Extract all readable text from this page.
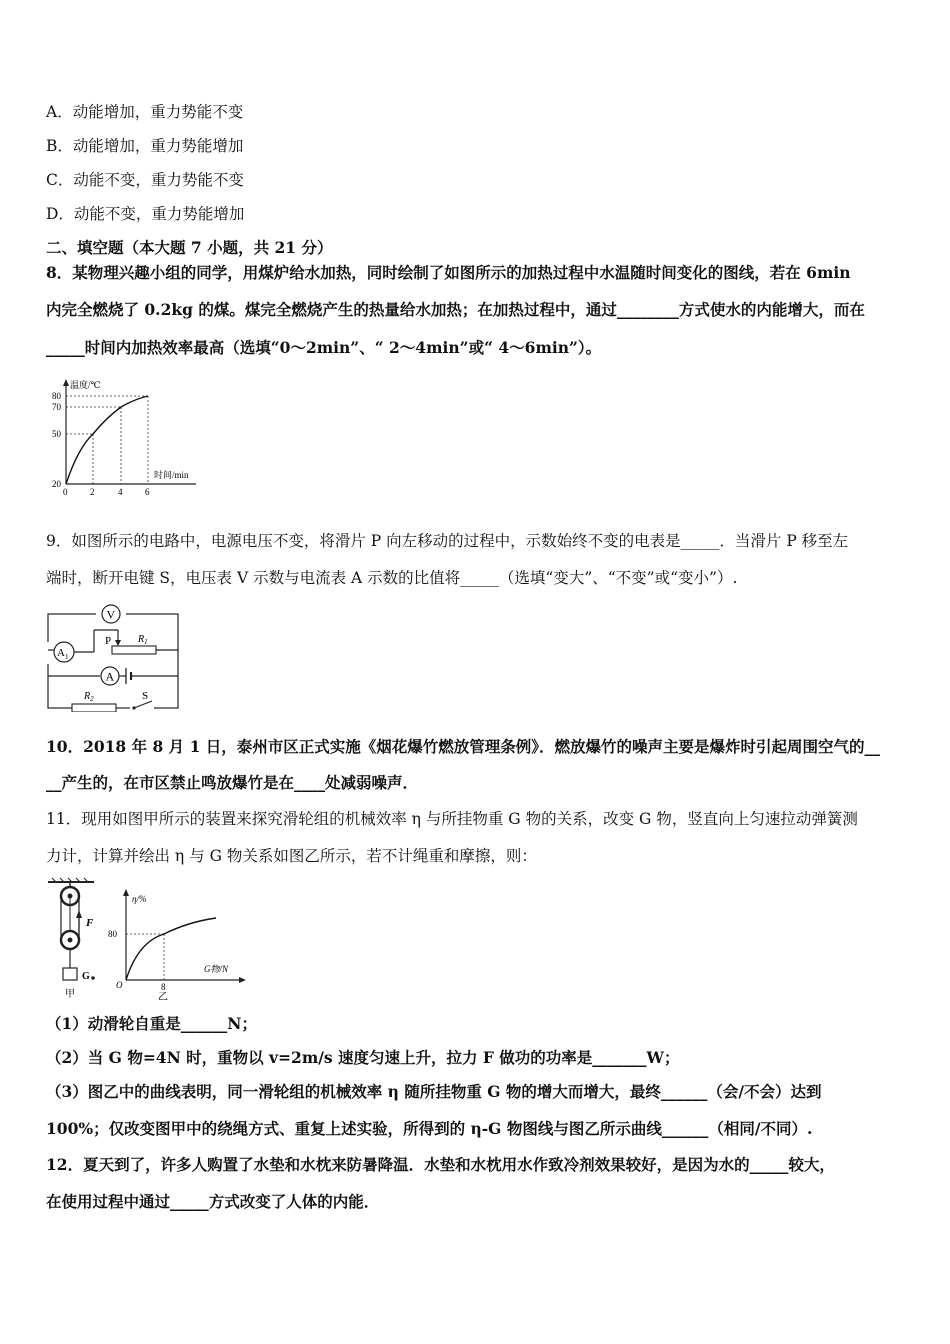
A．动能增加，重力势能不变
B．动能增加，重力势能增加
C．动能不变，重力势能不变
D．动能不变，重力势能增加
二、填空题（本大题 7 小题，共 21 分）
8．某物理兴趣小组的同学，用煤炉给水加热，同时绘制了如图所示的加热过程中水温随时间变化的图线，若在 6min
内完全燃烧了 0.2kg 的煤。煤完全燃烧产生的热量给水加热；在加热过程中，通过________方式使水的内能增大，而在
_____时间内加热效率最高（选填“0～2min”、“ 2～4min”或“ 4～6min”）。
温度/℃
时间/min
80
70
50
20
0	2	4	6
9．如图所示的电路中，电源电压不变，将滑片 P 向左移动的过程中，示数始终不变的电表是_____．当滑片 P 移至左
端时，断开电键 S，电压表 V 示数与电流表 A 示数的比值将_____（选填“变大”、“不变”或“变小”）.
V
$A_1$
P	$R_1$
A
$R_2$	S
10．2018 年 8 月 1 日，泰州市区正式实施《烟花爆竹燃放管理条例》．燃放爆竹的噪声主要是爆炸时引起周围空气的__
__产生的，在市区禁止鸣放爆竹是在____处减弱噪声．
11．现用如图甲所示的装置来探究滑轮组的机械效率 η 与所挂物重 G 物的关系，改变 G 物，竖直向上匀速拉动弹簧测
力计，计算并绘出 η 与 G 物关系如图乙所示，若不计绳重和摩擦，则：
F
G
甲
η/%
G物/N
80
8
O
乙
（1）动滑轮自重是______N；
（2）当 G 物=4N 时，重物以 v=2m/s 速度匀速上升，拉力 F 做功的功率是_______W；
（3）图乙中的曲线表明，同一滑轮组的机械效率 η 随所挂物重 G 物的增大而增大，最终______（会/不会）达到
100%；仅改变图甲中的绕绳方式、重复上述实验，所得到的 η-G 物图线与图乙所示曲线______（相同/不同）.
12．夏天到了，许多人购置了水垫和水枕来防暑降温．水垫和水枕用水作致冷剂效果较好，是因为水的_____较大，
在使用过程中通过_____方式改变了人体的内能．
